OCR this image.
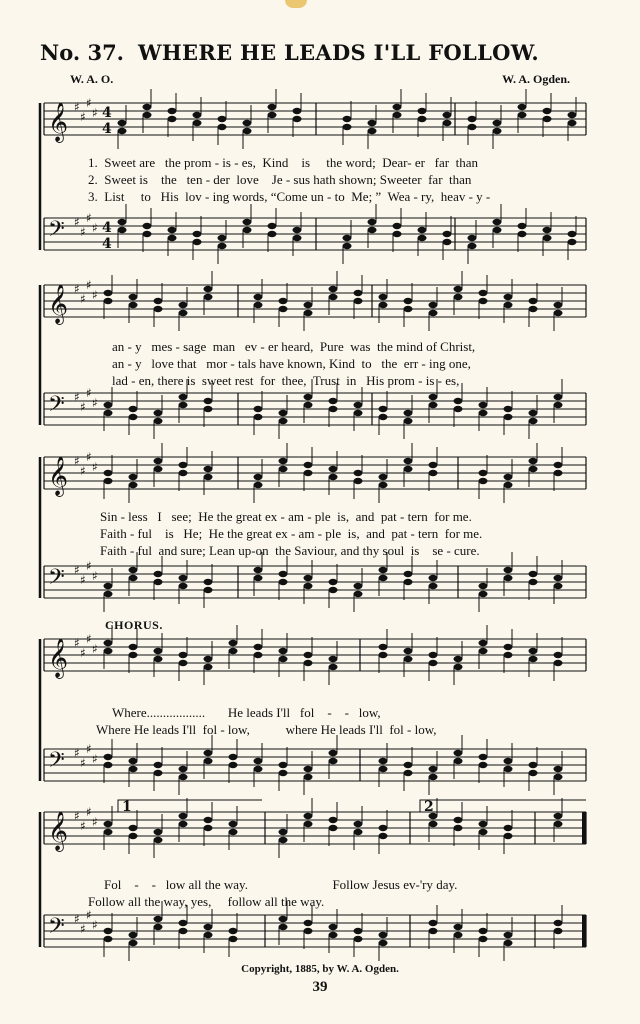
No. 37. WHERE HE LEADS I'LL FOLLOW.
W. A. O.	W. A. Ogden.
𝄞 ♯
♯
♯
♯ 4
4
𝄢 ♯
♯
♯
♯ 4
4
𝄞 ♯
♯
♯
♯
𝄢 ♯
♯
♯
♯
𝄞 ♯
♯
♯
♯
𝄢 ♯
♯
♯
♯
𝄞 ♯
♯
♯
♯
𝄢 ♯
♯
♯
♯
𝄞 ♯
♯
♯
♯
𝄢 ♯
♯
♯
♯
1	2
1.  Sweet are   the prom - is - es,  Kind    is     the word;  Dear- er   far  than
2.  Sweet is    the   ten - der  love    Je - sus hath shown; Sweeter  far  than
3.  List     to   His  lov - ing words, “Come un - to  Me; ”  Wea - ry,  heav - y -
an - y   mes - sage  man   ev - er heard,  Pure  was  the mind of Christ,
an - y   love that   mor - tals have known, Kind  to   the  err - ing one,
lad - en, there is  sweet rest  for  thee,  Trust  in   His prom - is - es,
Sin - less   I   see;  He the great ex - am - ple  is,  and  pat - tern  for me.
Faith - ful    is   He;  He the great ex - am - ple  is,  and  pat - tern  for me.
Faith - ful  and sure; Lean up-on  the Saviour, and thy soul  is    se - cure.
CHORUS.
Where..................       He leads I'll   fol    -    -   low,
Where He leads I'll  fol - low,           where He leads I'll  fol - low,
Fol    -    -   low all the way.                          Follow Jesus ev-'ry day.
Follow all the way, yes,     follow all the way.
Copyright, 1885, by W. A. Ogden.
39
